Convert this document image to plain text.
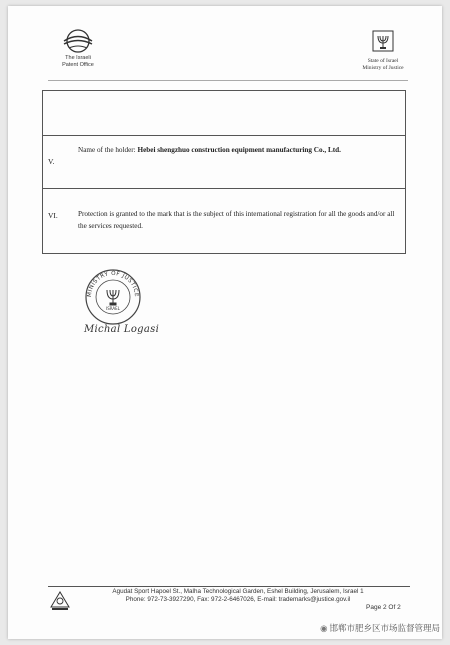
The Israeli
Patent Office
State of Israel
Ministry of Justice
V.
Name of the holder: Hebei shengzhuo construction equipment manufacturing Co., Ltd.
VI.	Protection is granted to the mark that is the subject of this international registration for all the goods and/or all the services requested.
MINISTRY OF JUSTICE
ISRAEL
Michal Logasi
Agudat Sport Hapoel St., Malha Technological Garden, Eshel Building, Jerusalem, Israel 1
Phone: 972-73-3927290, Fax: 972-2-6467026, E-mail: trademarks@justice.gov.il
Page 2 Of 2
◉ 邯郸市肥乡区市场监督管理局
